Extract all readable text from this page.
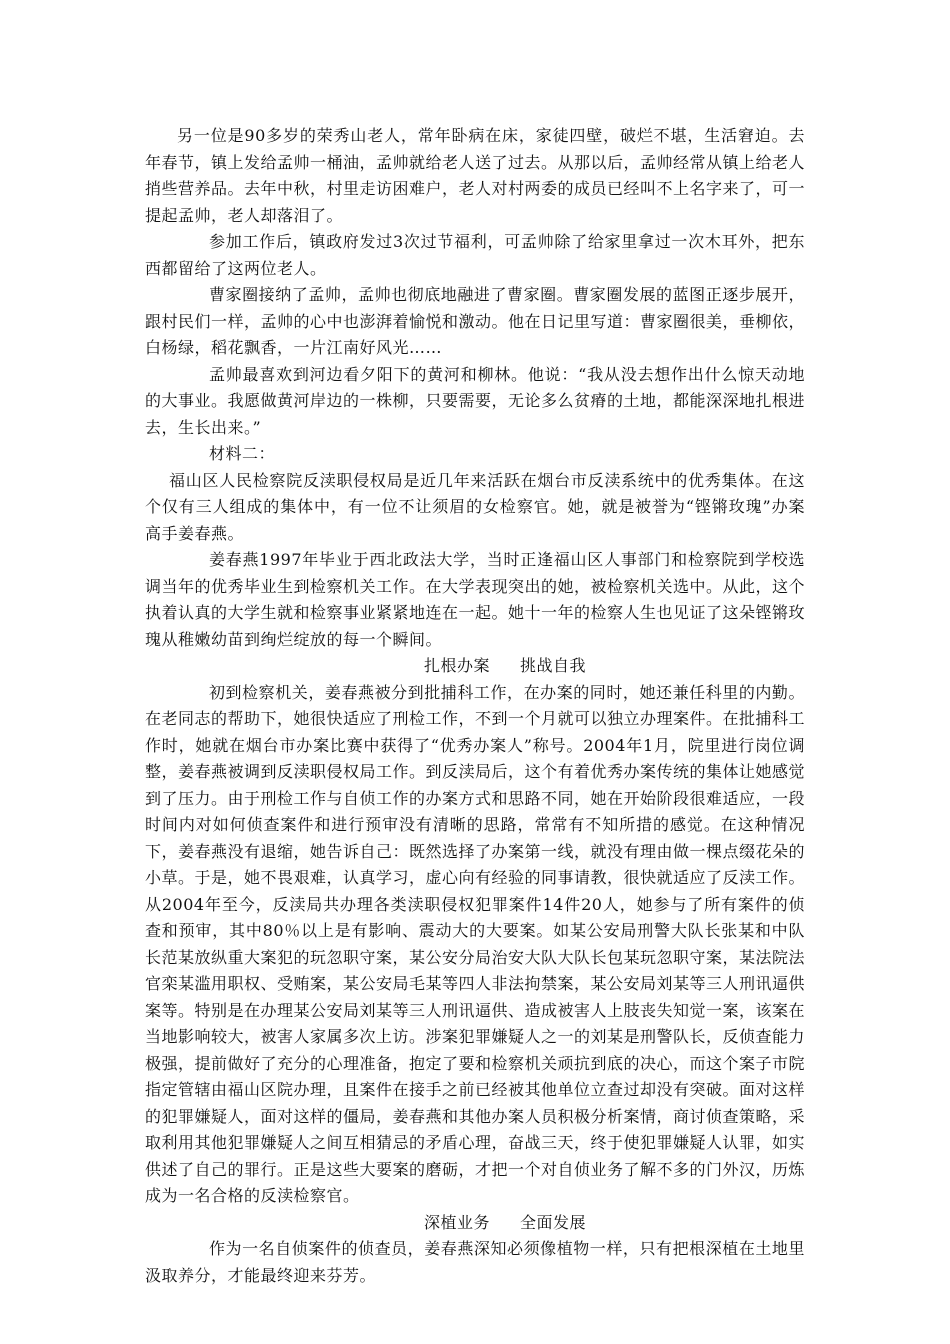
另一位是90多岁的荣秀山老人，常年卧病在床，家徒四壁，破烂不堪，生活窘迫。去年春节，镇上发给孟帅一桶油，孟帅就给老人送了过去。从那以后，孟帅经常从镇上给老人捎些营养品。去年中秋，村里走访困难户，老人对村两委的成员已经叫不上名字来了，可一提起孟帅，老人却落泪了。

参加工作后，镇政府发过3次过节福利，可孟帅除了给家里拿过一次木耳外，把东西都留给了这两位老人。

曹家圈接纳了孟帅，孟帅也彻底地融进了曹家圈。曹家圈发展的蓝图正逐步展开，跟村民们一样，孟帅的心中也澎湃着愉悦和激动。他在日记里写道：曹家圈很美，垂柳依，白杨绿，稻花飘香，一片江南好风光……

孟帅最喜欢到河边看夕阳下的黄河和柳林。他说：“我从没去想作出什么惊天动地的大事业。我愿做黄河岸边的一株柳，只要需要，无论多么贫瘠的土地，都能深深地扎根进去，生长出来。”

材料二：

福山区人民检察院反渎职侵权局是近几年来活跃在烟台市反渎系统中的优秀集体。在这个仅有三人组成的集体中，有一位不让须眉的女检察官。她，就是被誉为“铿锵玫瑰”办案高手姜春燕。

姜春燕1997年毕业于西北政法大学，当时正逢福山区人事部门和检察院到学校选调当年的优秀毕业生到检察机关工作。在大学表现突出的她，被检察机关选中。从此，这个执着认真的大学生就和检察事业紧紧地连在一起。她十一年的检察人生也见证了这朵铿锵玫瑰从稚嫩幼苗到绚烂绽放的每一个瞬间。

扎根办案 挑战自我

初到检察机关，姜春燕被分到批捕科工作，在办案的同时，她还兼任科里的内勤。在老同志的帮助下，她很快适应了刑检工作，不到一个月就可以独立办理案件。在批捕科工作时，她就在烟台市办案比赛中获得了“优秀办案人”称号。2004年1月，院里进行岗位调整，姜春燕被调到反渎职侵权局工作。到反渎局后，这个有着优秀办案传统的集体让她感觉到了压力。由于刑检工作与自侦工作的办案方式和思路不同，她在开始阶段很难适应，一段时间内对如何侦查案件和进行预审没有清晰的思路，常常有不知所措的感觉。在这种情况下，姜春燕没有退缩，她告诉自己：既然选择了办案第一线，就没有理由做一棵点缀花朵的小草。于是，她不畏艰难，认真学习，虚心向有经验的同事请教，很快就适应了反渎工作。从2004年至今，反渎局共办理各类渎职侵权犯罪案件14件20人，她参与了所有案件的侦查和预审，其中80％以上是有影响、震动大的大要案。如某公安局刑警大队长张某和中队长范某放纵重大案犯的玩忽职守案，某公安分局治安大队大队长包某玩忽职守案，某法院法官栾某滥用职权、受贿案，某公安局毛某等四人非法拘禁案，某公安局刘某等三人刑讯逼供案等。特别是在办理某公安局刘某等三人刑讯逼供、造成被害人上肢丧失知觉一案，该案在当地影响较大，被害人家属多次上访。涉案犯罪嫌疑人之一的刘某是刑警队长，反侦查能力极强，提前做好了充分的心理准备，抱定了要和检察机关顽抗到底的决心，而这个案子市院指定管辖由福山区院办理，且案件在接手之前已经被其他单位立查过却没有突破。面对这样的犯罪嫌疑人，面对这样的僵局，姜春燕和其他办案人员积极分析案情，商讨侦查策略，采取利用其他犯罪嫌疑人之间互相猜忌的矛盾心理，奋战三天，终于使犯罪嫌疑人认罪，如实供述了自己的罪行。正是这些大要案的磨砺，才把一个对自侦业务了解不多的门外汉，历炼成为一名合格的反渎检察官。

深植业务 全面发展

作为一名自侦案件的侦查员，姜春燕深知必须像植物一样，只有把根深植在土地里汲取养分，才能最终迎来芬芳。
